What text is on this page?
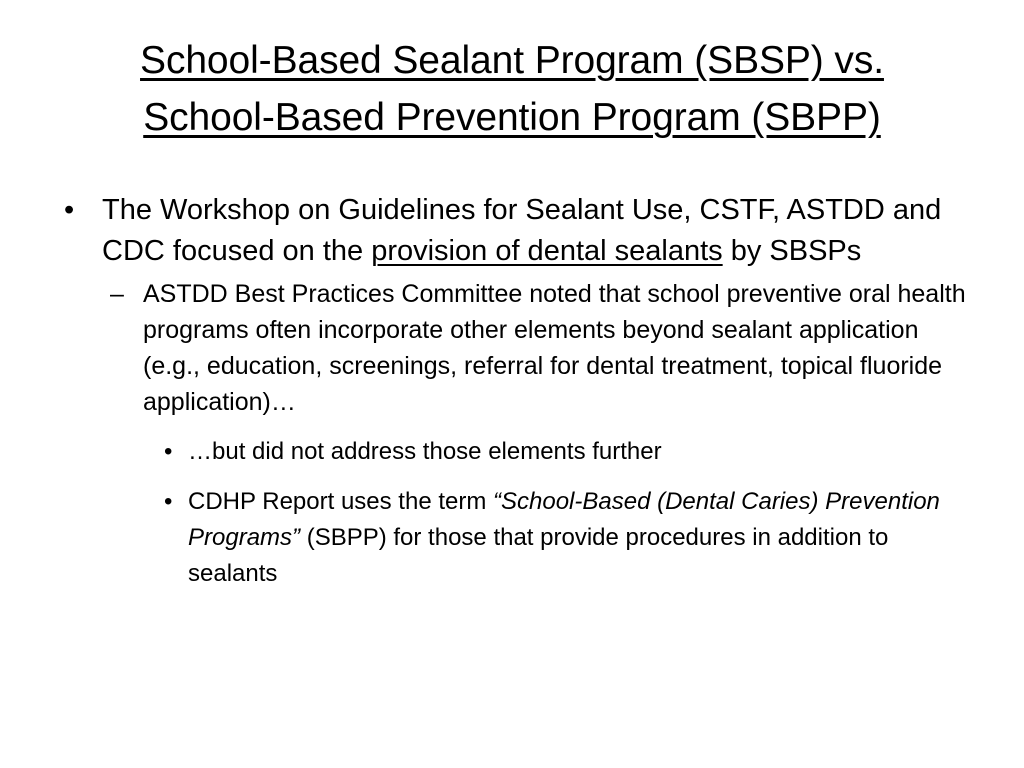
School-Based Sealant Program (SBSP) vs.
School-Based Prevention Program (SBPP)
• The Workshop on Guidelines for Sealant Use, CSTF, ASTDD and CDC focused on the provision of dental sealants by SBSPs
– ASTDD Best Practices Committee noted that school preventive oral health programs often incorporate other elements beyond sealant application (e.g., education, screenings, referral for dental treatment, topical fluoride application)…
• …but did not address those elements further
• CDHP Report uses the term “School-Based (Dental Caries) Prevention Programs” (SBPP) for those that provide procedures in addition to sealants
